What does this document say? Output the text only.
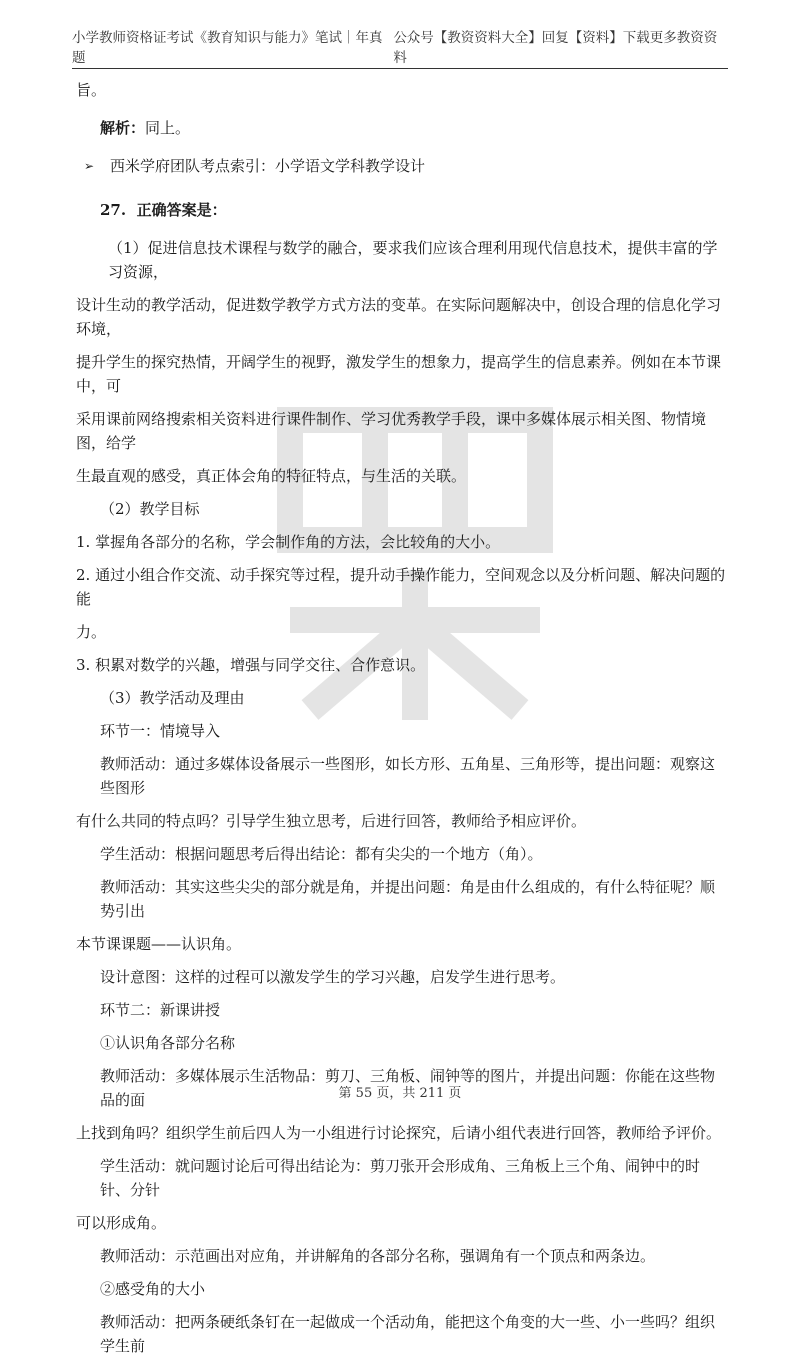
小学教师资格证考试《教育知识与能力》笔试｜年真题
公众号【教资资料大全】回复【资料】下载更多教资资料

旨。

解析：同上。

➢	西米学府团队考点索引：小学语文学科教学设计

27. 正确答案是：

（1）促进信息技术课程与数学的融合，要求我们应该合理利用现代信息技术，提供丰富的学习资源，

设计生动的教学活动，促进数学教学方式方法的变革。在实际问题解决中，创设合理的信息化学习环境，

提升学生的探究热情，开阔学生的视野，激发学生的想象力，提高学生的信息素养。例如在本节课中，可

采用课前网络搜索相关资料进行课件制作、学习优秀教学手段，课中多媒体展示相关图、物情境图，给学

生最直观的感受，真正体会角的特征特点，与生活的关联。

（2）教学目标

1. 掌握角各部分的名称，学会制作角的方法，会比较角的大小。

2. 通过小组合作交流、动手探究等过程，提升动手操作能力，空间观念以及分析问题、解决问题的能

力。

3. 积累对数学的兴趣，增强与同学交往、合作意识。

（3）教学活动及理由

环节一：情境导入

教师活动：通过多媒体设备展示一些图形，如长方形、五角星、三角形等，提出问题：观察这些图形

有什么共同的特点吗？引导学生独立思考，后进行回答，教师给予相应评价。

学生活动：根据问题思考后得出结论：都有尖尖的一个地方（角）。

教师活动：其实这些尖尖的部分就是角，并提出问题：角是由什么组成的，有什么特征呢？顺势引出

本节课课题——认识角。

设计意图：这样的过程可以激发学生的学习兴趣，启发学生进行思考。

环节二：新课讲授

①认识角各部分名称

教师活动：多媒体展示生活物品：剪刀、三角板、闹钟等的图片，并提出问题：你能在这些物品的面

上找到角吗？组织学生前后四人为一小组进行讨论探究，后请小组代表进行回答，教师给予评价。

学生活动：就问题讨论后可得出结论为：剪刀张开会形成角、三角板上三个角、闹钟中的时针、分针

可以形成角。

教师活动：示范画出对应角，并讲解角的各部分名称，强调角有一个顶点和两条边。

②感受角的大小

教师活动：把两条硬纸条钉在一起做成一个活动角，能把这个角变的大一些、小一些吗？组织学生前

第 55 页，共 211 页
